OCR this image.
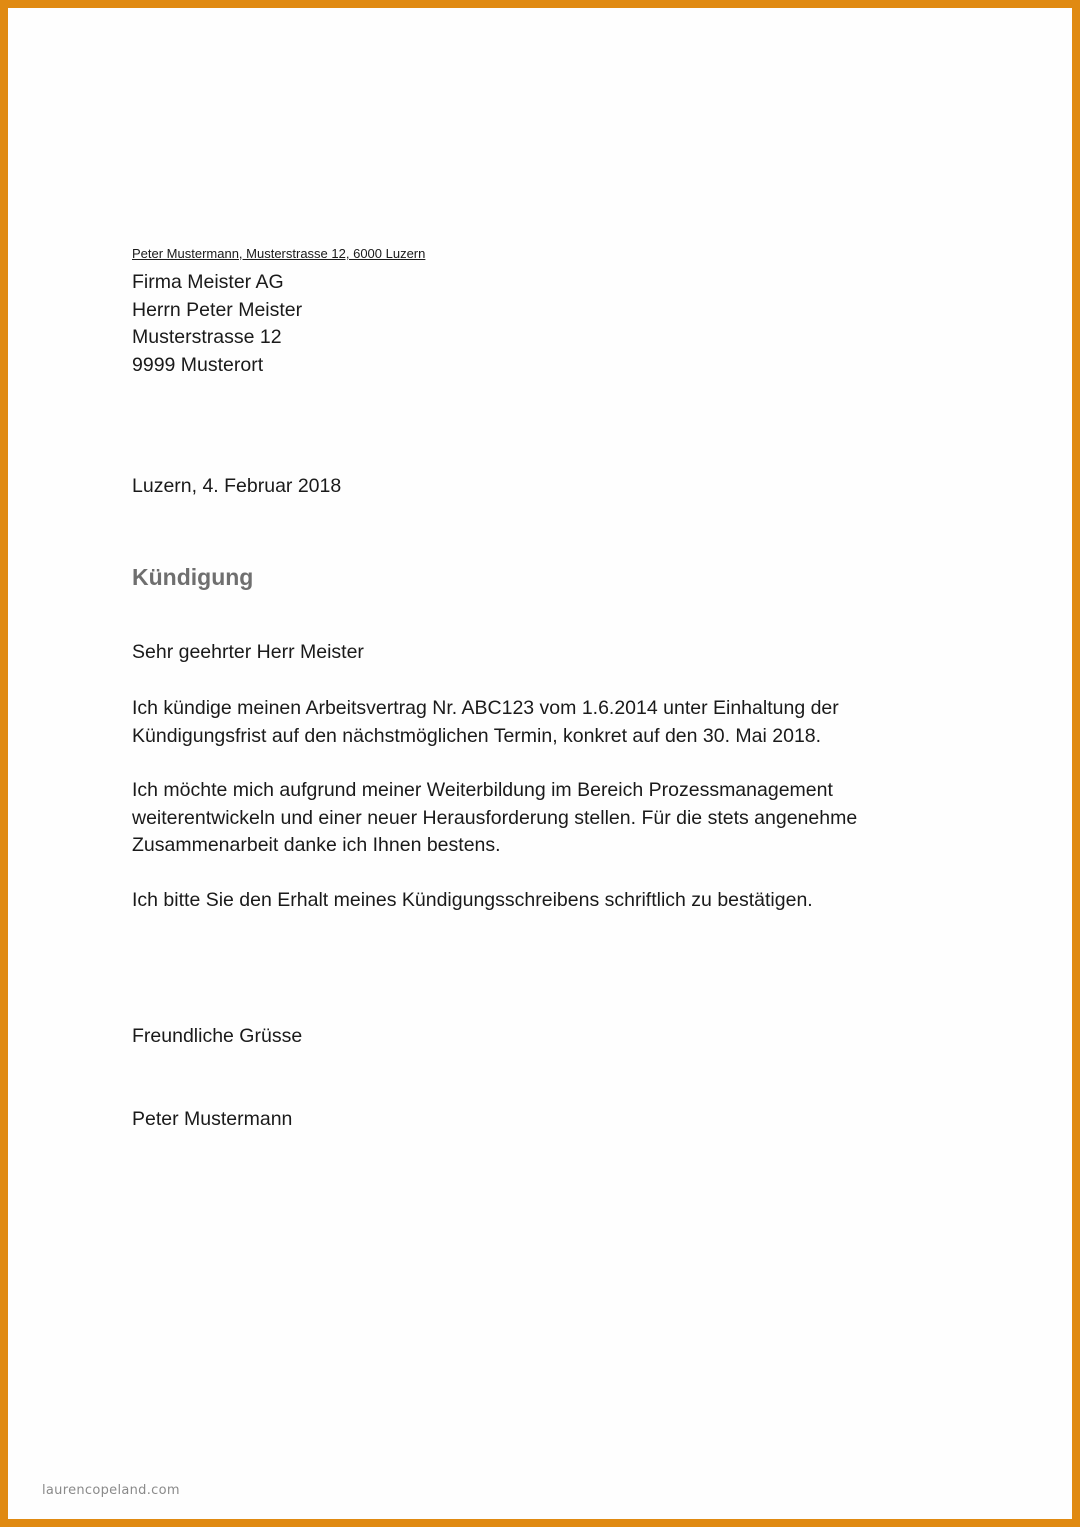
Peter Mustermann, Musterstrasse 12, 6000 Luzern
Firma Meister AG
Herrn Peter Meister
Musterstrasse 12
9999 Musterort
Luzern, 4. Februar 2018
Kündigung
Sehr geehrter Herr Meister
Ich kündige meinen Arbeitsvertrag Nr. ABC123 vom 1.6.2014 unter Einhaltung der
Kündigungsfrist auf den nächstmöglichen Termin, konkret auf den 30. Mai 2018.
Ich möchte mich aufgrund meiner Weiterbildung im Bereich Prozessmanagement
weiterentwickeln und einer neuer Herausforderung stellen. Für die stets angenehme
Zusammenarbeit danke ich Ihnen bestens.
Ich bitte Sie den Erhalt meines Kündigungsschreibens schriftlich zu bestätigen.
Freundliche Grüsse
Peter Mustermann
laurencopeland.com
